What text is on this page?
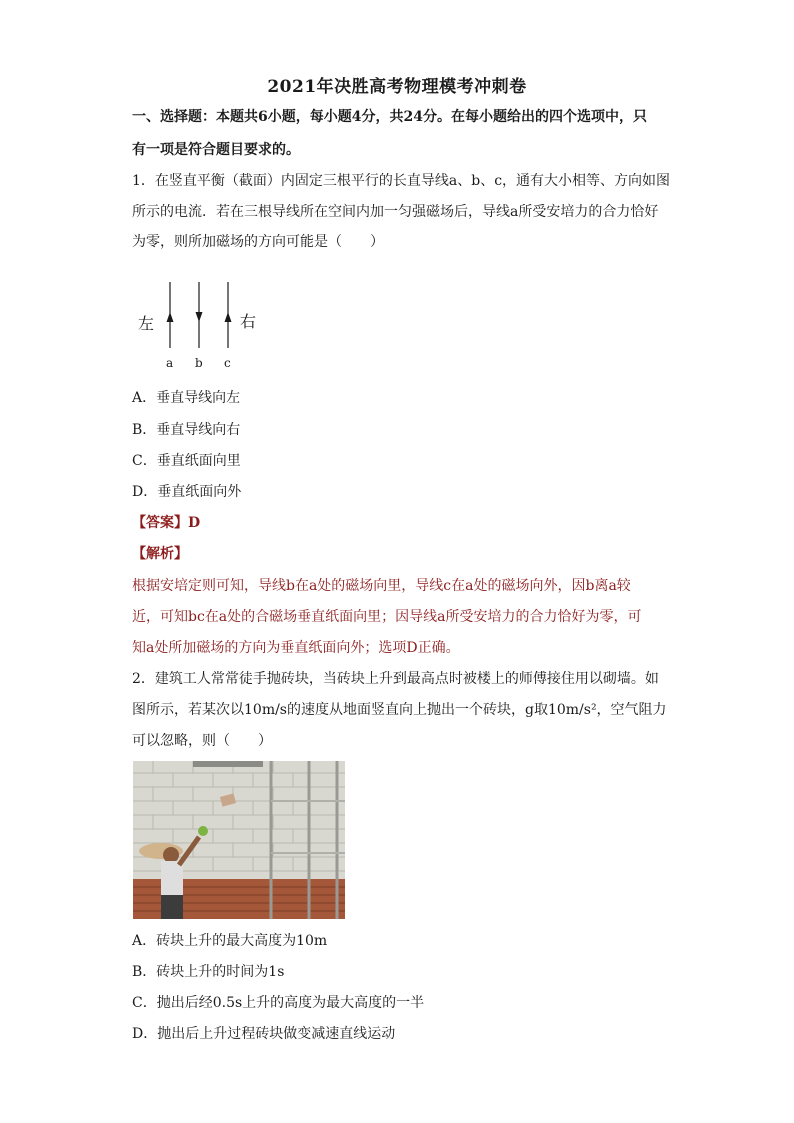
2021年决胜高考物理模考冲刺卷
一、选择题：本题共6小题，每小题4分，共24分。在每小题给出的四个选项中，只
有一项是符合题目要求的。
1．在竖直平衡（截面）内固定三根平行的长直导线a、b、c，通有大小相等、方向如图
所示的电流．若在三根导线所在空间内加一匀强磁场后，导线a所受安培力的合力恰好
为零，则所加磁场的方向可能是（　　）
左	右
a b c
A．垂直导线向左
B．垂直导线向右
C．垂直纸面向里
D．垂直纸面向外
【答案】D
【解析】
根据安培定则可知，导线b在a处的磁场向里，导线c在a处的磁场向外，因b离a较
近，可知bc在a处的合磁场垂直纸面向里；因导线a所受安培力的合力恰好为零，可
知a处所加磁场的方向为垂直纸面向外；选项D正确。
2．建筑工人常常徒手抛砖块，当砖块上升到最高点时被楼上的师傅接住用以砌墙。如
图所示，若某次以10m/s的速度从地面竖直向上抛出一个砖块，g取10m/s²，空气阻力
可以忽略，则（　　）
A．砖块上升的最大高度为10m
B．砖块上升的时间为1s
C．抛出后经0.5s上升的高度为最大高度的一半
D．抛出后上升过程砖块做变减速直线运动
